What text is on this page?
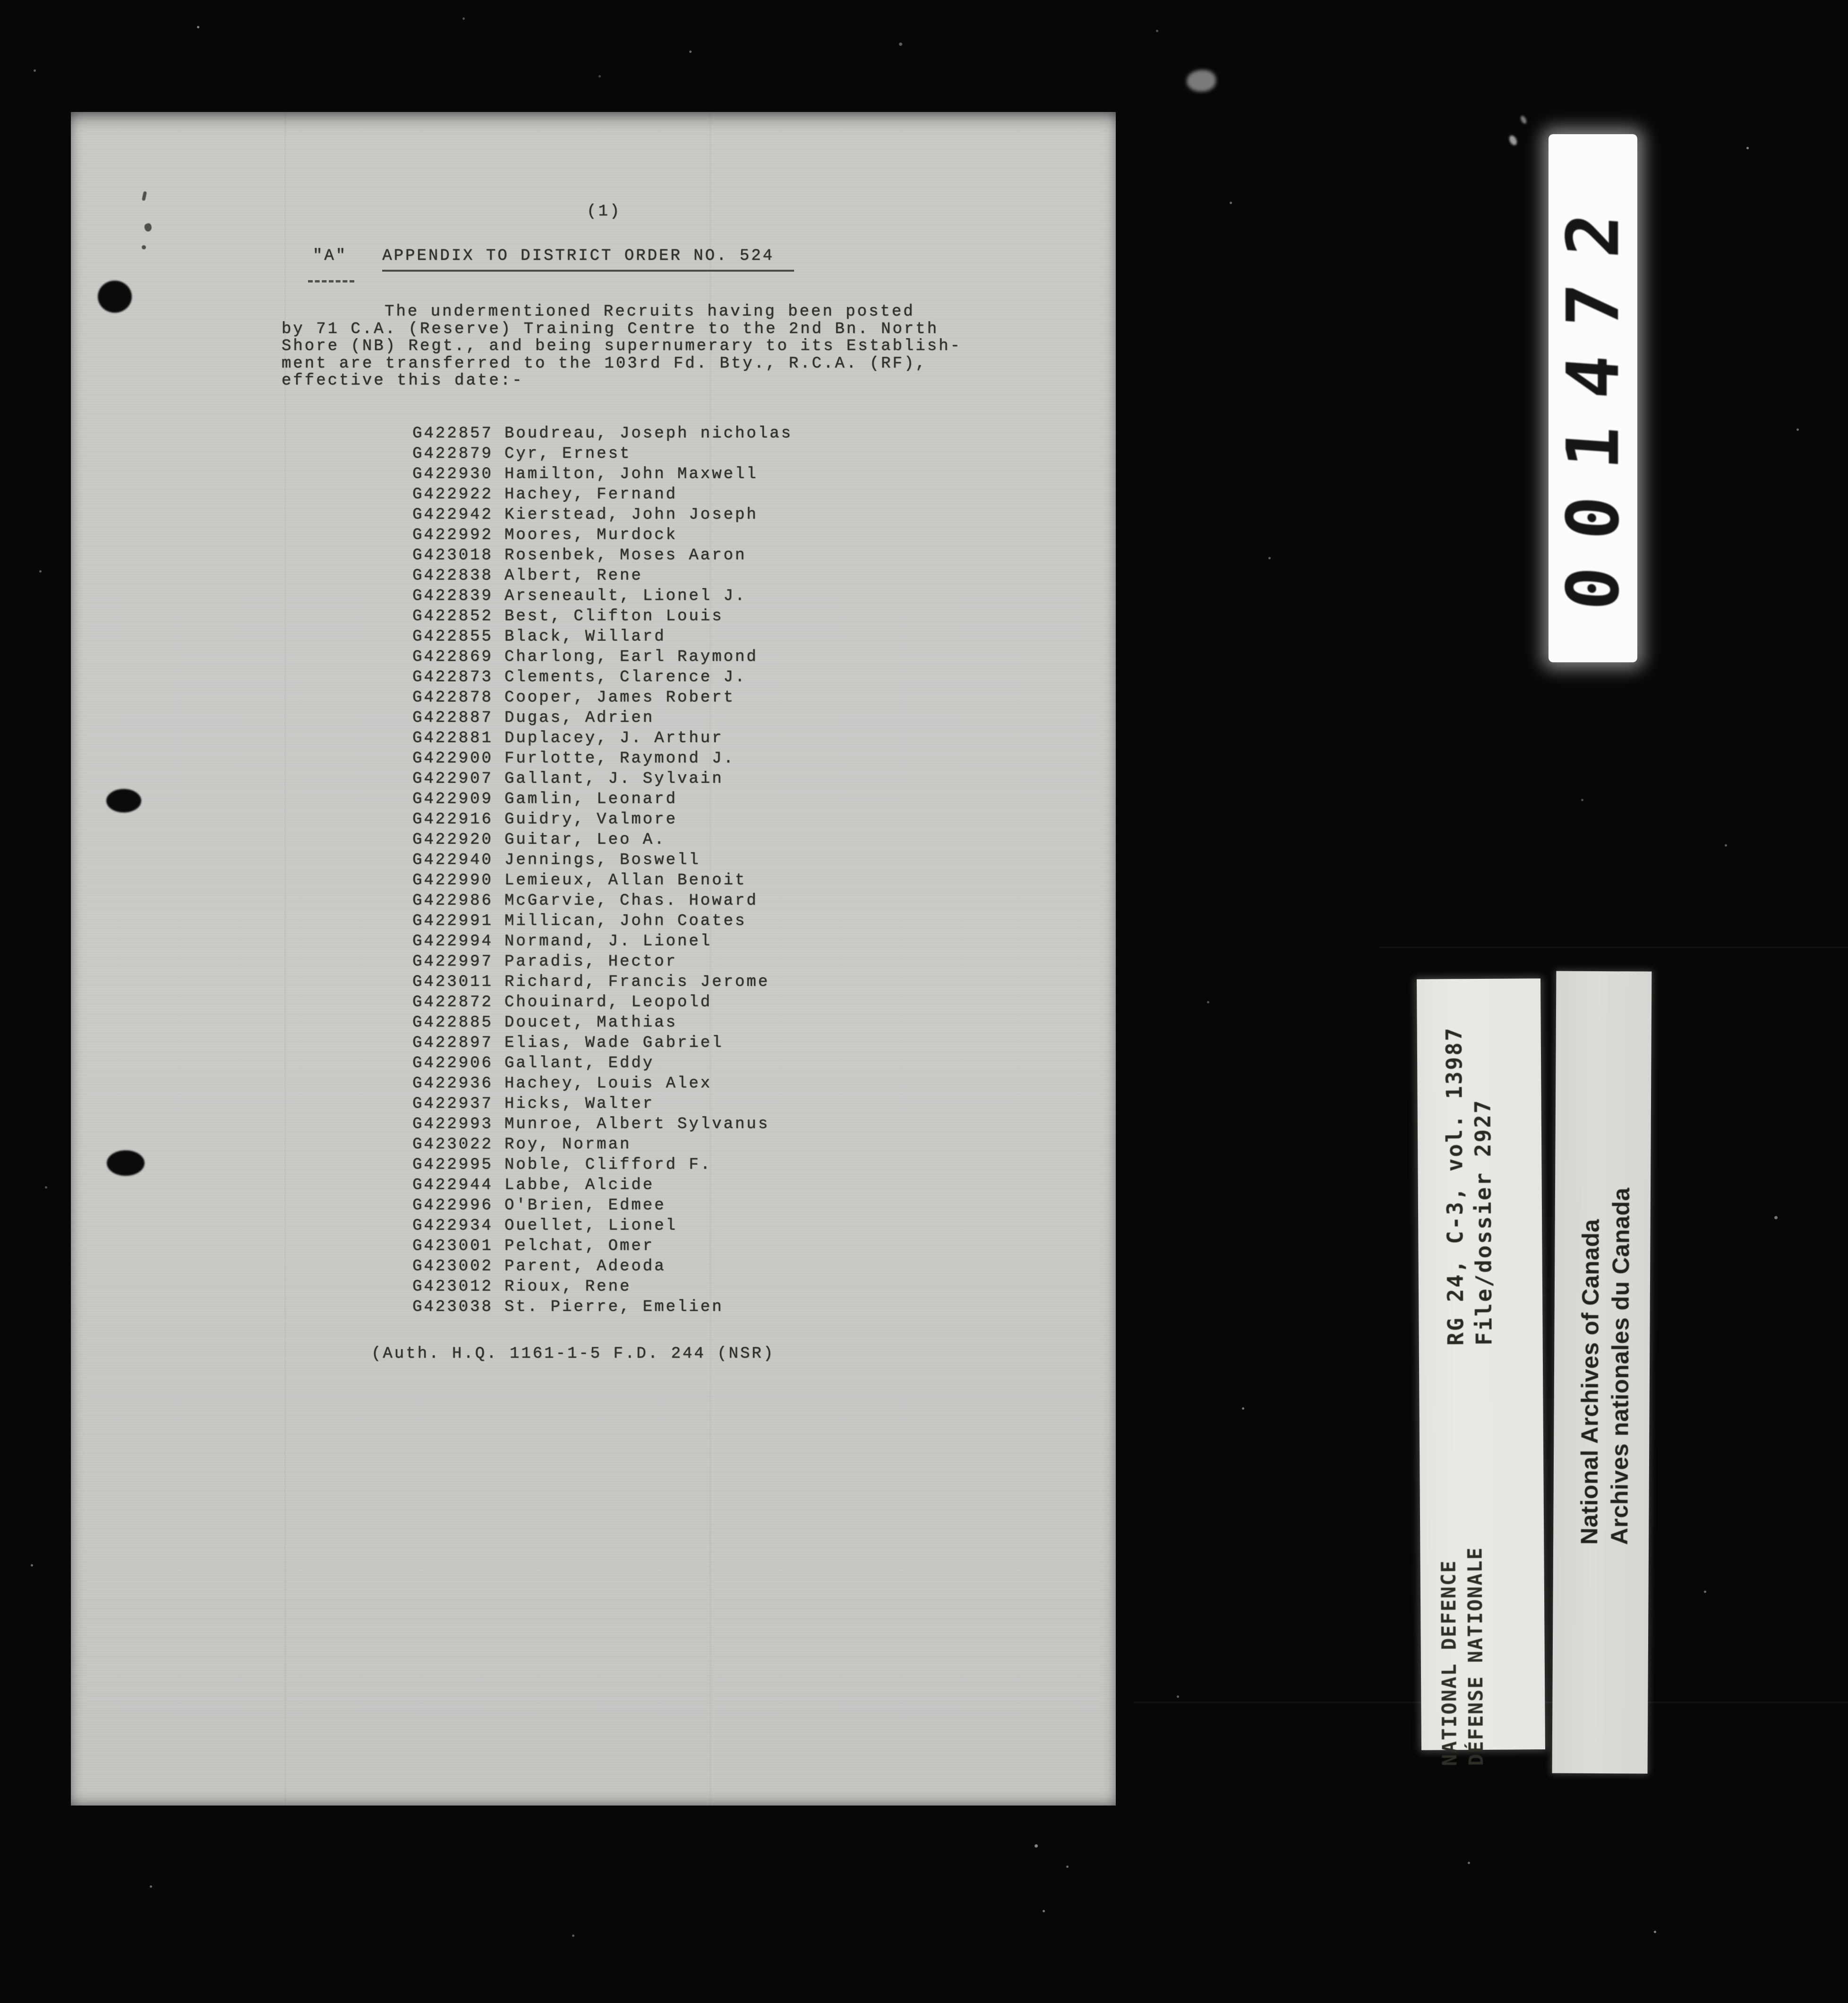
(1)
"A" APPENDIX TO DISTRICT ORDER NO. 524
The undermentioned Recruits having been posted
by 71 C.A. (Reserve) Training Centre to the 2nd Bn. North
Shore (NB) Regt., and being supernumerary to its Establish-
ment are transferred to the 103rd Fd. Bty., R.C.A. (RF),
effective this date:-
G422857 Boudreau, Joseph nicholas
G422879 Cyr, Ernest
G422930 Hamilton, John Maxwell
G422922 Hachey, Fernand
G422942 Kierstead, John Joseph
G422992 Moores, Murdock
G423018 Rosenbek, Moses Aaron
G422838 Albert, Rene
G422839 Arseneault, Lionel J.
G422852 Best, Clifton Louis
G422855 Black, Willard
G422869 Charlong, Earl Raymond
G422873 Clements, Clarence J.
G422878 Cooper, James Robert
G422887 Dugas, Adrien
G422881 Duplacey, J. Arthur
G422900 Furlotte, Raymond J.
G422907 Gallant, J. Sylvain
G422909 Gamlin, Leonard
G422916 Guidry, Valmore
G422920 Guitar, Leo A.
G422940 Jennings, Boswell
G422990 Lemieux, Allan Benoit
G422986 McGarvie, Chas. Howard
G422991 Millican, John Coates
G422994 Normand, J. Lionel
G422997 Paradis, Hector
G423011 Richard, Francis Jerome
G422872 Chouinard, Leopold
G422885 Doucet, Mathias
G422897 Elias, Wade Gabriel
G422906 Gallant, Eddy
G422936 Hachey, Louis Alex
G422937 Hicks, Walter
G422993 Munroe, Albert Sylvanus
G423022 Roy, Norman
G422995 Noble, Clifford F.
G422944 Labbe, Alcide
G422996 O'Brien, Edmee
G422934 Ouellet, Lionel
G423001 Pelchat, Omer
G423002 Parent, Adeoda
G423012 Rioux, Rene
G423038 St. Pierre, Emelien
(Auth. H.Q. 1161-1-5 F.D. 244 (NSR)
001472
RG 24, C-3, vol. 13987 File/dossier 2927
NATIONAL DEFENCE DÉFENSE NATIONALE
National Archives of Canada Archives nationales du Canada
